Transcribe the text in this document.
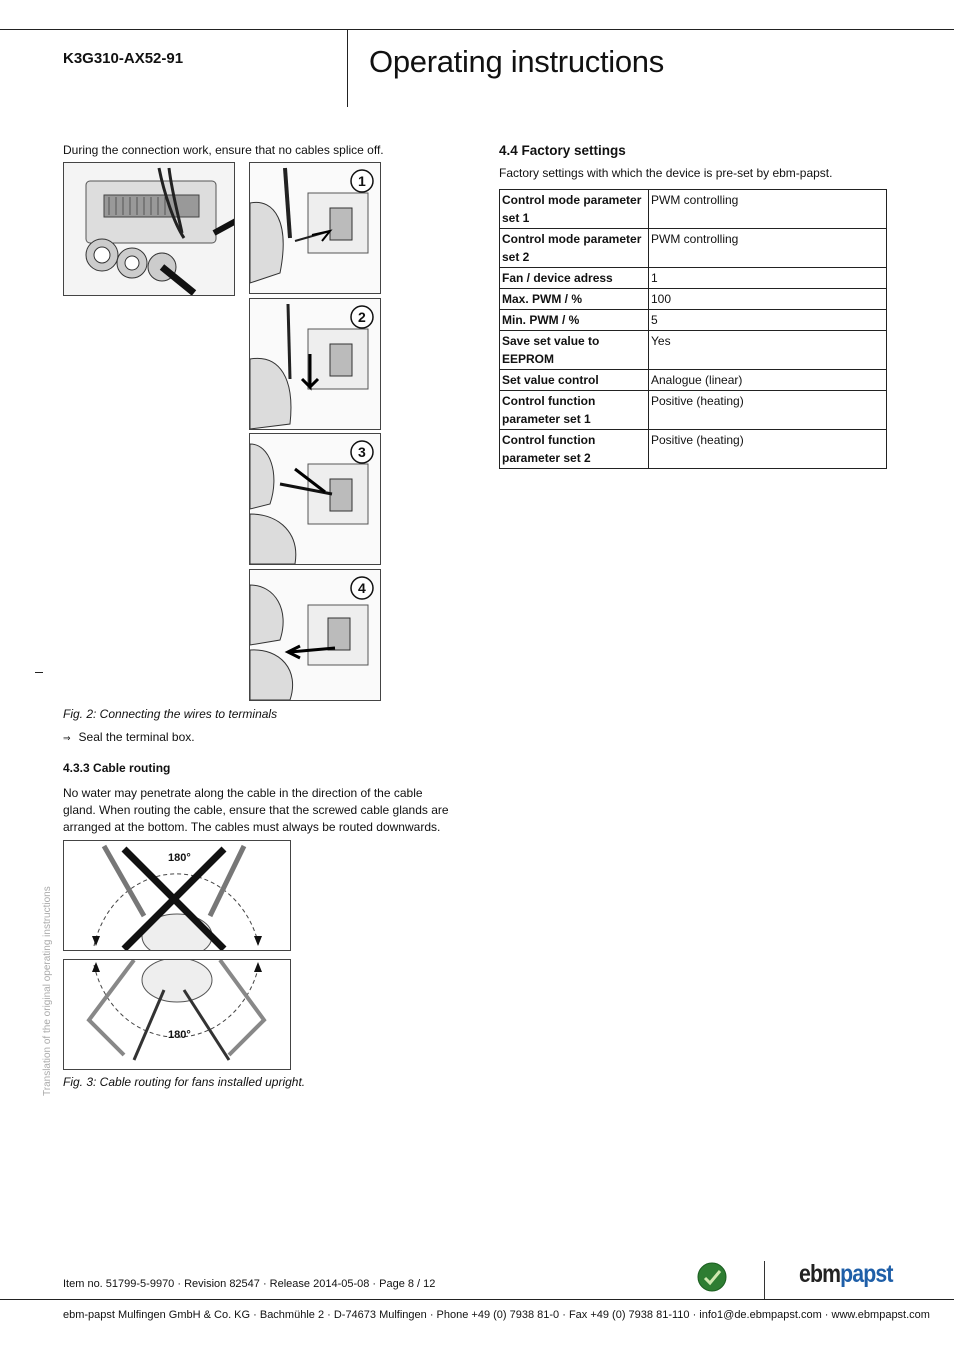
K3G310-AX52-91	Operating instructions
During the connection work, ensure that no cables splice off.
1
2
3
4
Fig. 2: Connecting the wires to terminals
⇒ Seal the terminal box.
4.3.3 Cable routing
No water may penetrate along the cable in the direction of the cable gland. When routing the cable, ensure that the screwed cable glands are arranged at the bottom. The cables must always be routed downwards.
180°
180°
Fig. 3: Cable routing for fans installed upright.
Translation of the original operating instructions
4.4 Factory settings
Factory settings with which the device is pre-set by ebm-papst.
Control mode parameter set 1	PWM controlling
Control mode parameter set 2	PWM controlling
Fan / device adress	1
Max. PWM / %	100
Min. PWM / %	5
Save set value to EEPROM	Yes
Set value control	Analogue (linear)
Control function parameter set 1	Positive (heating)
Control function parameter set 2	Positive (heating)
Item no. 51799-5-9970 · Revision 82547 · Release 2014-05-08 · Page 8 / 12	ebmpapst
ebm-papst Mulfingen GmbH & Co. KG · Bachmühle 2 · D-74673 Mulfingen · Phone +49 (0) 7938 81-0 · Fax +49 (0) 7938 81-110 · info1@de.ebmpapst.com · www.ebmpapst.com
